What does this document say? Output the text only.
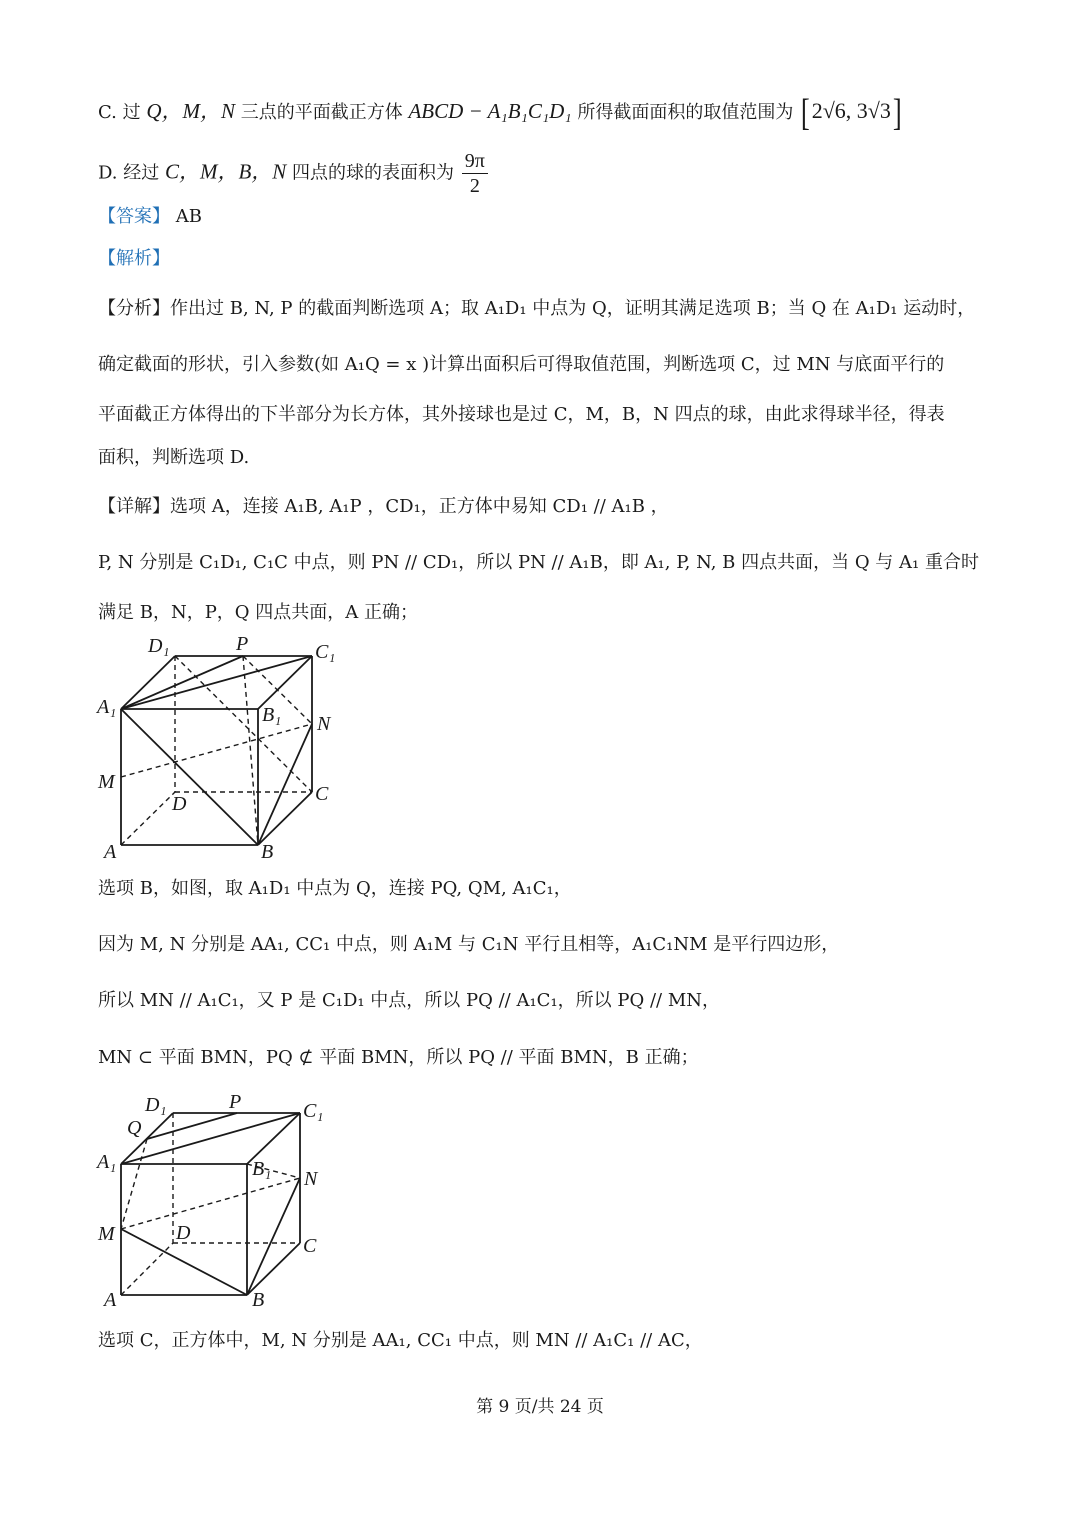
C. 过 Q，M，N 三点的平面截正方体 ABCD − A₁B₁C₁D₁ 所得截面面积的取值范围为 [2√6, 3√3]
D. 经过 C，M，B，N 四点的球的表面积为 $\frac{9\pi}{2}$
【答案】 AB
【解析】
【分析】作出过 B, N, P 的截面判断选项 A；取 A₁D₁ 中点为 Q，证明其满足选项 B；当 Q 在 A₁D₁ 运动时，
确定截面的形状，引入参数(如 A₁Q = x )计算出面积后可得取值范围，判断选项 C，过 MN 与底面平行的
平面截正方体得出的下半部分为长方体，其外接球也是过 C，M，B，N 四点的球，由此求得球半径，得表
面积，判断选项 D.
【详解】选项 A，连接 A₁B, A₁P ，CD₁，正方体中易知 CD₁ // A₁B ，
P, N 分别是 C₁D₁, C₁C 中点，则 PN // CD₁，所以 PN // A₁B，即 A₁, P, N, B 四点共面，当 Q 与 A₁ 重合时
满足 B，N，P，Q 四点共面，A 正确；
D₁	P	C₁
A₁	B₁ N
M
D	C
A	B
选项 B，如图，取 A₁D₁ 中点为 Q，连接 PQ, QM, A₁C₁，
因为 M, N 分别是 AA₁, CC₁ 中点，则 A₁M 与 C₁N 平行且相等，A₁C₁NM 是平行四边形，
所以 MN // A₁C₁，又 P 是 C₁D₁ 中点，所以 PQ // A₁C₁，所以 PQ // MN，
MN ⊂ 平面 BMN，PQ ⊄ 平面 BMN，所以 PQ // 平面 BMN，B 正确；
D₁	P	C₁
Q
A₁	B₁ N
M	D
C
A	B
选项 C，正方体中，M, N 分别是 AA₁, CC₁ 中点，则 MN // A₁C₁ // AC，
第 9 页/共 24 页
